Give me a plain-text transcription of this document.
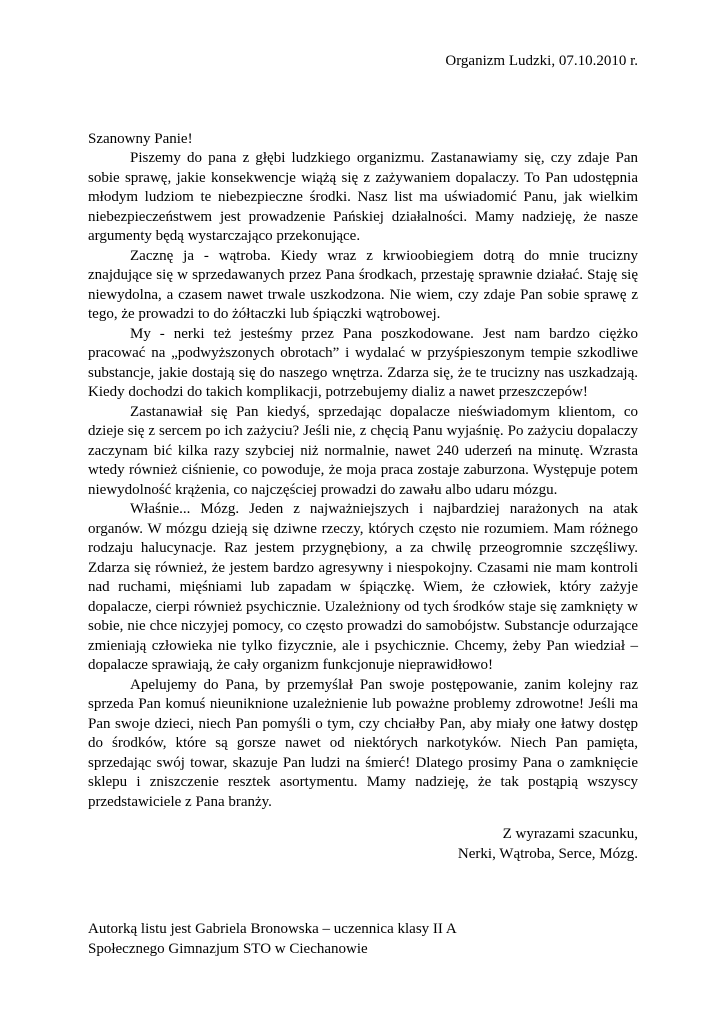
Organizm Ludzki, 07.10.2010 r.
Szanowny Panie!

Piszemy do pana z głębi ludzkiego organizmu. Zastanawiamy się, czy zdaje Pan sobie sprawę, jakie konsekwencje wiążą się z zażywaniem dopalaczy. To Pan udostępnia młodym ludziom te niebezpieczne środki. Nasz list ma uświadomić Panu, jak wielkim niebezpieczeństwem jest prowadzenie Pańskiej działalności. Mamy nadzieję, że nasze argumenty będą wystarczająco przekonujące.

Zacznę ja - wątroba. Kiedy wraz z krwioobiegiem dotrą do mnie trucizny znajdujące się w sprzedawanych przez Pana środkach, przestaję sprawnie działać. Staję się niewydolna, a czasem nawet trwale uszkodzona. Nie wiem, czy zdaje Pan sobie sprawę z tego, że prowadzi to do żółtaczki lub śpiączki wątrobowej.

My - nerki też jesteśmy przez Pana poszkodowane. Jest nam bardzo ciężko pracować na „podwyższonych obrotach” i wydalać w przyśpieszonym tempie szkodliwe substancje, jakie dostają się do naszego wnętrza. Zdarza się, że te trucizny nas uszkadzają. Kiedy dochodzi do takich komplikacji, potrzebujemy dializ a nawet przeszczepów!

Zastanawiał się Pan kiedyś, sprzedając dopalacze nieświadomym klientom, co dzieje się z sercem po ich zażyciu? Jeśli nie, z chęcią Panu wyjaśnię. Po zażyciu dopalaczy zaczynam bić kilka razy szybciej niż normalnie, nawet 240 uderzeń na minutę. Wzrasta wtedy również ciśnienie, co powoduje, że moja praca zostaje zaburzona. Występuje potem niewydolność krążenia, co najczęściej prowadzi do zawału albo udaru mózgu.

Właśnie... Mózg. Jeden z najważniejszych i najbardziej narażonych na atak organów. W mózgu dzieją się dziwne rzeczy, których często nie rozumiem. Mam różnego rodzaju halucynacje. Raz jestem przygnębiony, a za chwilę przeogromnie szczęśliwy. Zdarza się również, że jestem bardzo agresywny i niespokojny. Czasami nie mam kontroli nad ruchami, mięśniami lub zapadam w śpiączkę. Wiem, że człowiek, który zażyje dopalacze, cierpi również psychicznie. Uzależniony od tych środków staje się zamknięty w sobie, nie chce niczyjej pomocy, co często prowadzi do samobójstw. Substancje odurzające zmieniają człowieka nie tylko fizycznie, ale i psychicznie. Chcemy, żeby Pan wiedział – dopalacze sprawiają, że cały organizm funkcjonuje nieprawidłowo!

Apelujemy do Pana, by przemyślał Pan swoje postępowanie, zanim kolejny raz sprzeda Pan komuś nieuniknione uzależnienie lub poważne problemy zdrowotne! Jeśli ma Pan swoje dzieci, niech Pan pomyśli o tym, czy chciałby Pan, aby miały one łatwy dostęp do środków, które są gorsze nawet od niektórych narkotyków. Niech Pan pamięta, sprzedając swój towar, skazuje Pan ludzi na śmierć! Dlatego prosimy Pana o zamknięcie sklepu i zniszczenie resztek asortymentu. Mamy nadzieję, że tak postąpią wszyscy przedstawiciele z Pana branży.

Z wyrazami szacunku,
Nerki, Wątroba, Serce, Mózg.
Autorką listu jest Gabriela Bronowska – uczennica klasy II A
Społecznego Gimnazjum STO w Ciechanowie
